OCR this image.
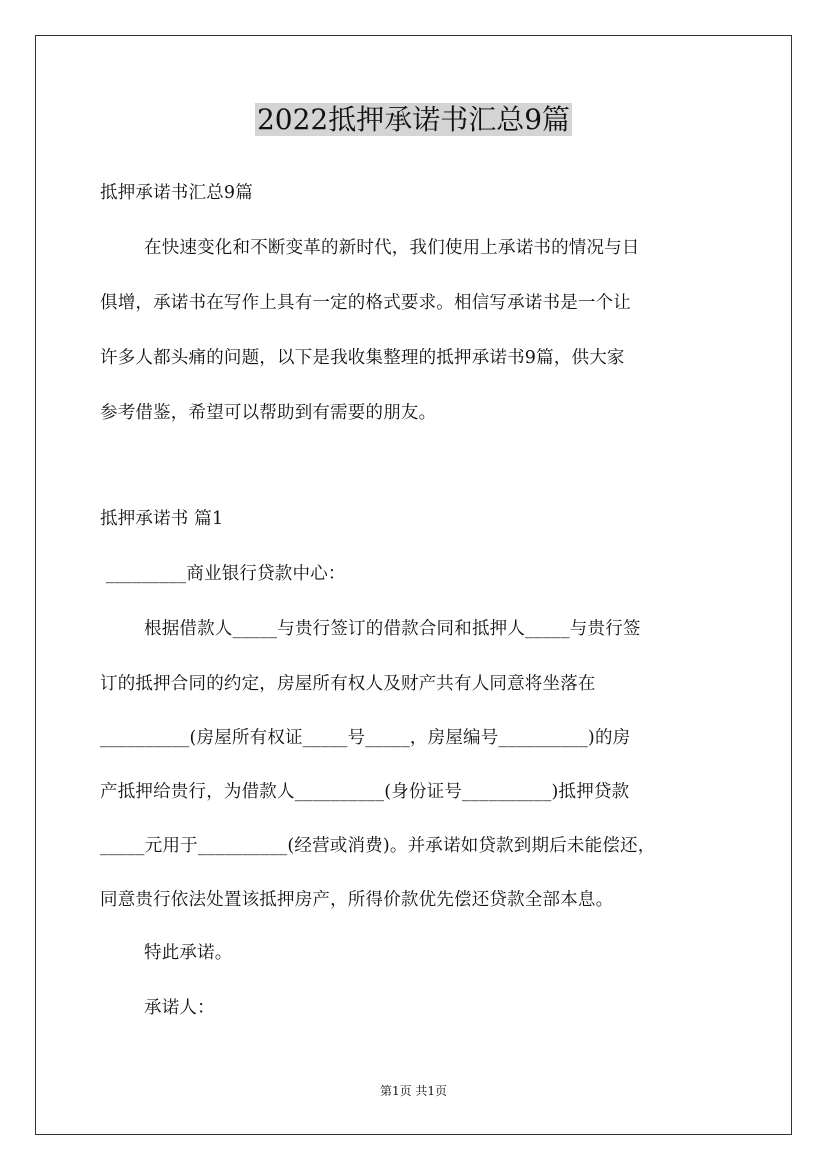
2022抵押承诺书汇总9篇
抵押承诺书汇总9篇
在快速变化和不断变革的新时代，我们使用上承诺书的情况与日
俱增，承诺书在写作上具有一定的格式要求。相信写承诺书是一个让
许多人都头痛的问题，以下是我收集整理的抵押承诺书9篇，供大家
参考借鉴，希望可以帮助到有需要的朋友。
抵押承诺书 篇1
_________商业银行贷款中心：
根据借款人_____与贵行签订的借款合同和抵押人_____与贵行签
订的抵押合同的约定，房屋所有权人及财产共有人同意将坐落在
__________(房屋所有权证_____号_____，房屋编号__________)的房
产抵押给贵行，为借款人__________(身份证号__________)抵押贷款
_____元用于__________(经营或消费)。并承诺如贷款到期后未能偿还，
同意贵行依法处置该抵押房产，所得价款优先偿还贷款全部本息。
特此承诺。
承诺人：
第1页 共1页
